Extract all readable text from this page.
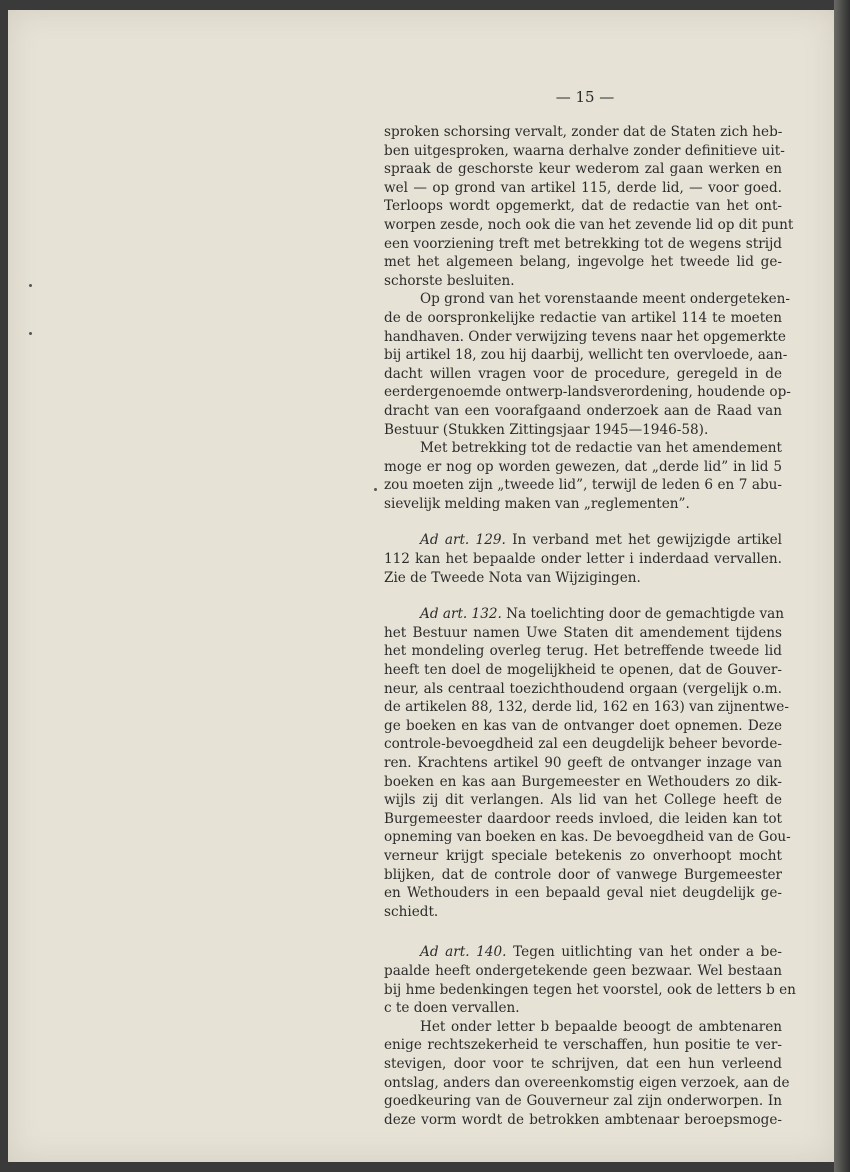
— 15 —
sproken schorsing vervalt, zonder dat de Staten zich heb-
ben uitgesproken, waarna derhalve zonder definitieve uit-
spraak de geschorste keur wederom zal gaan werken en
wel — op grond van artikel 115, derde lid, — voor goed.
Terloops wordt opgemerkt, dat de redactie van het ont-
worpen zesde, noch ook die van het zevende lid op dit punt
een voorziening treft met betrekking tot de wegens strijd
met het algemeen belang, ingevolge het tweede lid ge-
schorste besluiten.
Op grond van het vorenstaande meent ondergeteken-
de de oorspronkelijke redactie van artikel 114 te moeten
handhaven. Onder verwijzing tevens naar het opgemerkte
bij artikel 18, zou hij daarbij, wellicht ten overvloede, aan-
dacht willen vragen voor de procedure, geregeld in de
eerdergenoemde ontwerp-landsverordening, houdende op-
dracht van een voorafgaand onderzoek aan de Raad van
Bestuur (Stukken Zittingsjaar 1945—1946-58).
Met betrekking tot de redactie van het amendement
moge er nog op worden gewezen, dat „derde lid” in lid 5
zou moeten zijn „tweede lid”, terwijl de leden 6 en 7 abu-
sievelijk melding maken van „reglementen”.
Ad art. 129. In verband met het gewijzigde artikel
112 kan het bepaalde onder letter i inderdaad vervallen.
Zie de Tweede Nota van Wijzigingen.
Ad art. 132. Na toelichting door de gemachtigde van
het Bestuur namen Uwe Staten dit amendement tijdens
het mondeling overleg terug. Het betreffende tweede lid
heeft ten doel de mogelijkheid te openen, dat de Gouver-
neur, als centraal toezichthoudend orgaan (vergelijk o.m.
de artikelen 88, 132, derde lid, 162 en 163) van zijnentwe-
ge boeken en kas van de ontvanger doet opnemen. Deze
controle-bevoegdheid zal een deugdelijk beheer bevorde-
ren. Krachtens artikel 90 geeft de ontvanger inzage van
boeken en kas aan Burgemeester en Wethouders zo dik-
wijls zij dit verlangen. Als lid van het College heeft de
Burgemeester daardoor reeds invloed, die leiden kan tot
opneming van boeken en kas. De bevoegdheid van de Gou-
verneur krijgt speciale betekenis zo onverhoopt mocht
blijken, dat de controle door of vanwege Burgemeester
en Wethouders in een bepaald geval niet deugdelijk ge-
schiedt.
Ad art. 140. Tegen uitlichting van het onder a be-
paalde heeft ondergetekende geen bezwaar. Wel bestaan
bij hme bedenkingen tegen het voorstel, ook de letters b en
c te doen vervallen.
Het onder letter b bepaalde beoogt de ambtenaren
enige rechtszekerheid te verschaffen, hun positie te ver-
stevigen, door voor te schrijven, dat een hun verleend
ontslag, anders dan overeenkomstig eigen verzoek, aan de
goedkeuring van de Gouverneur zal zijn onderworpen. In
deze vorm wordt de betrokken ambtenaar beroepsmoge-
